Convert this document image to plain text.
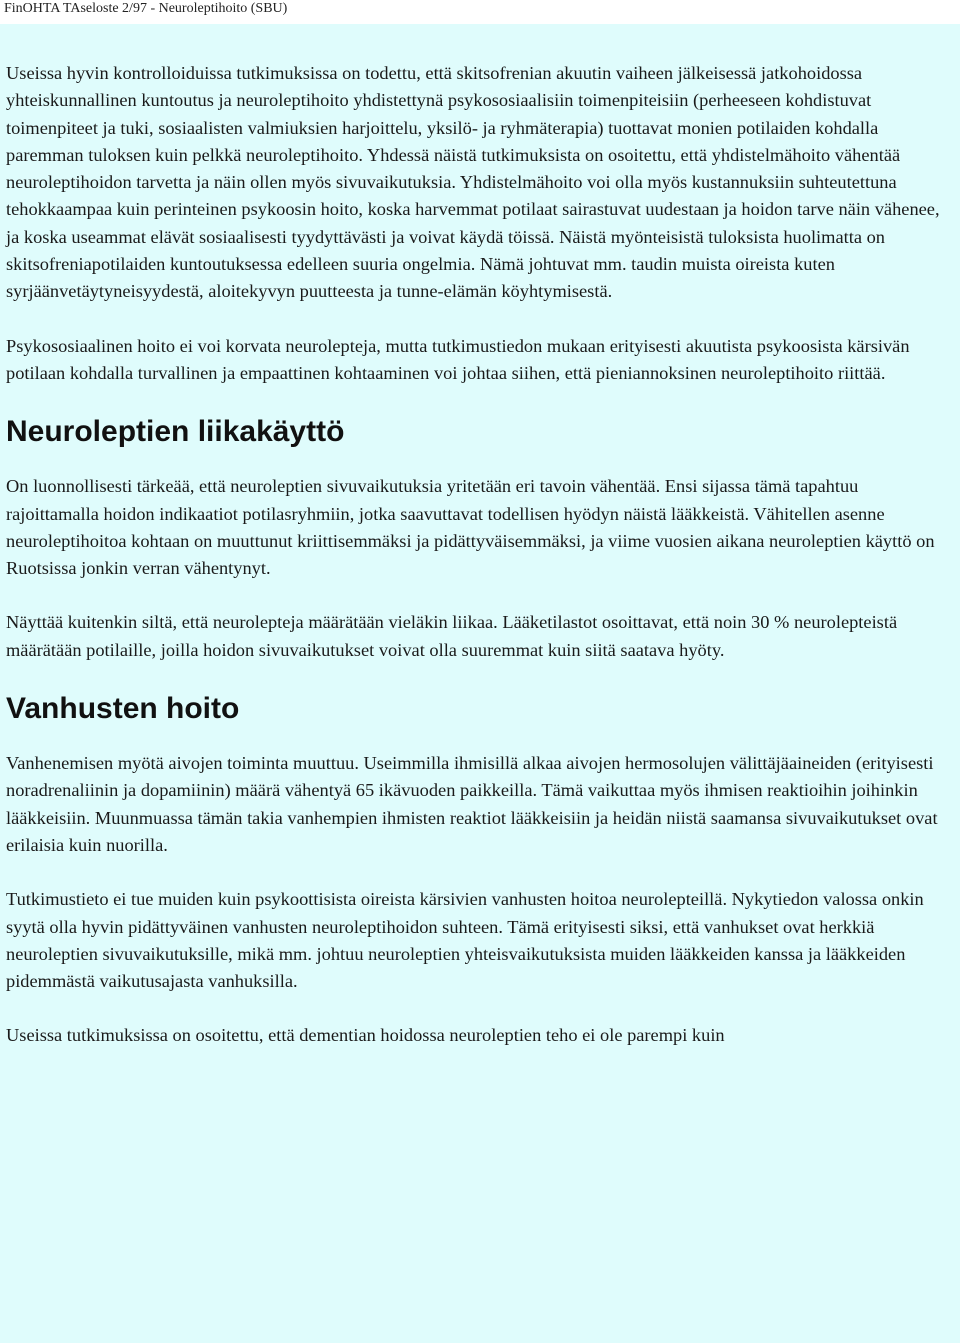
FinOHTA TAseloste 2/97 - Neuroleptihoito (SBU)

Useissa hyvin kontrolloiduissa tutkimuksissa on todettu, että skitsofrenian akuutin vaiheen jälkeisessä jatkohoidossa yhteiskunnallinen kuntoutus ja neuroleptihoito yhdistettynä psykososiaalisiin toimenpiteisiin (perheeseen kohdistuvat toimenpiteet ja tuki, sosiaalisten valmiuksien harjoittelu, yksilö- ja ryhmäterapia) tuottavat monien potilaiden kohdalla paremman tuloksen kuin pelkkä neuroleptihoito. Yhdessä näistä tutkimuksista on osoitettu, että yhdistelmähoito vähentää neuroleptihoidon tarvetta ja näin ollen myös sivuvaikutuksia. Yhdistelmähoito voi olla myös kustannuksiin suhteutettuna tehokkaampaa kuin perinteinen psykoosin hoito, koska harvemmat potilaat sairastuvat uudestaan ja hoidon tarve näin vähenee, ja koska useammat elävät sosiaalisesti tyydyttävästi ja voivat käydä töissä. Näistä myönteisistä tuloksista huolimatta on skitsofreniapotilaiden kuntoutuksessa edelleen suuria ongelmia. Nämä johtuvat mm. taudin muista oireista kuten syrjäänvetäytyneisyydestä, aloitekyvyn puutteesta ja tunne-elämän köyhtymisestä.

Psykososiaalinen hoito ei voi korvata neurolepteja, mutta tutkimustiedon mukaan erityisesti akuutista psykoosista kärsivän potilaan kohdalla turvallinen ja empaattinen kohtaaminen voi johtaa siihen, että pieniannoksinen neuroleptihoito riittää.

Neuroleptien liikakäyttö

On luonnollisesti tärkeää, että neuroleptien sivuvaikutuksia yritetään eri tavoin vähentää. Ensi sijassa tämä tapahtuu rajoittamalla hoidon indikaatiot potilasryhmiin, jotka saavuttavat todellisen hyödyn näistä lääkkeistä. Vähitellen asenne neuroleptihoitoa kohtaan on muuttunut kriittisemmäksi ja pidättyväisemmäksi, ja viime vuosien aikana neuroleptien käyttö on Ruotsissa jonkin verran vähentynyt.

Näyttää kuitenkin siltä, että neurolepteja määrätään vieläkin liikaa. Lääketilastot osoittavat, että noin 30 % neurolepteistä määrätään potilaille, joilla hoidon sivuvaikutukset voivat olla suuremmat kuin siitä saatava hyöty.

Vanhusten hoito

Vanhenemisen myötä aivojen toiminta muuttuu. Useimmilla ihmisillä alkaa aivojen hermosolujen välittäjäaineiden (erityisesti noradrenaliinin ja dopamiinin) määrä vähentyä 65 ikävuoden paikkeilla. Tämä vaikuttaa myös ihmisen reaktioihin joihinkin lääkkeisiin. Muunmuassa tämän takia vanhempien ihmisten reaktiot lääkkeisiin ja heidän niistä saamansa sivuvaikutukset ovat erilaisia kuin nuorilla.

Tutkimustieto ei tue muiden kuin psykoottisista oireista kärsivien vanhusten hoitoa neurolepteillä. Nykytiedon valossa onkin syytä olla hyvin pidättyväinen vanhusten neuroleptihoidon suhteen. Tämä erityisesti siksi, että vanhukset ovat herkkiä neuroleptien sivuvaikutuksille, mikä mm. johtuu neuroleptien yhteisvaikutuksista muiden lääkkeiden kanssa ja lääkkeiden pidemmästä vaikutusajasta vanhuksilla.

Useissa tutkimuksissa on osoitettu, että dementian hoidossa neuroleptien teho ei ole parempi kuin
